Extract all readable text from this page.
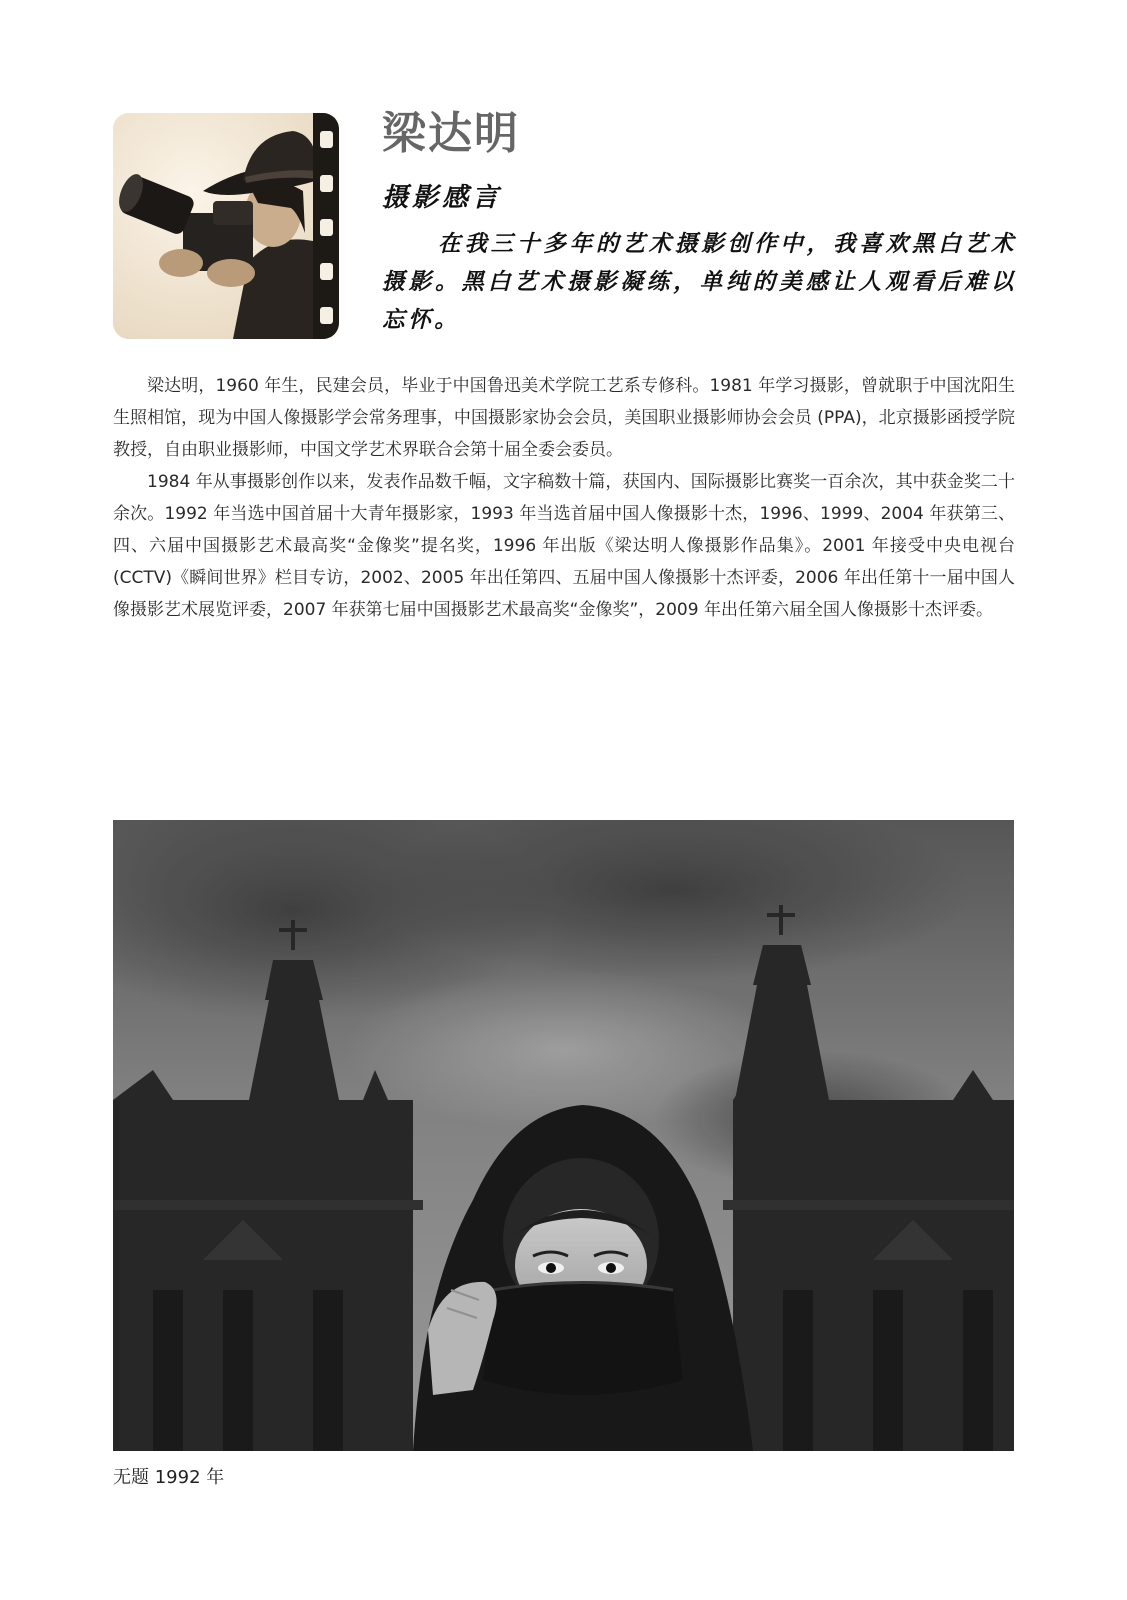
梁达明
摄影感言

在我三十多年的艺术摄影创作中，我喜欢黑白艺术摄影。黑白艺术摄影凝练，单纯的美感让人观看后难以忘怀。

梁达明，1960 年生，民建会员，毕业于中国鲁迅美术学院工艺系专修科。1981 年学习摄影，曾就职于中国沈阳生生照相馆，现为中国人像摄影学会常务理事，中国摄影家协会会员，美国职业摄影师协会会员 (PPA)，北京摄影函授学院教授，自由职业摄影师，中国文学艺术界联合会第十届全委会委员。

1984 年从事摄影创作以来，发表作品数千幅，文字稿数十篇，获国内、国际摄影比赛奖一百余次，其中获金奖二十余次。1992 年当选中国首届十大青年摄影家，1993 年当选首届中国人像摄影十杰，1996、1999、2004 年获第三、四、六届中国摄影艺术最高奖“金像奖”提名奖，1996 年出版《梁达明人像摄影作品集》。2001 年接受中央电视台 (CCTV)《瞬间世界》栏目专访，2002、2005 年出任第四、五届中国人像摄影十杰评委，2006 年出任第十一届中国人像摄影艺术展览评委，2007 年获第七届中国摄影艺术最高奖“金像奖”，2009 年出任第六届全国人像摄影十杰评委。

无题 1992 年
